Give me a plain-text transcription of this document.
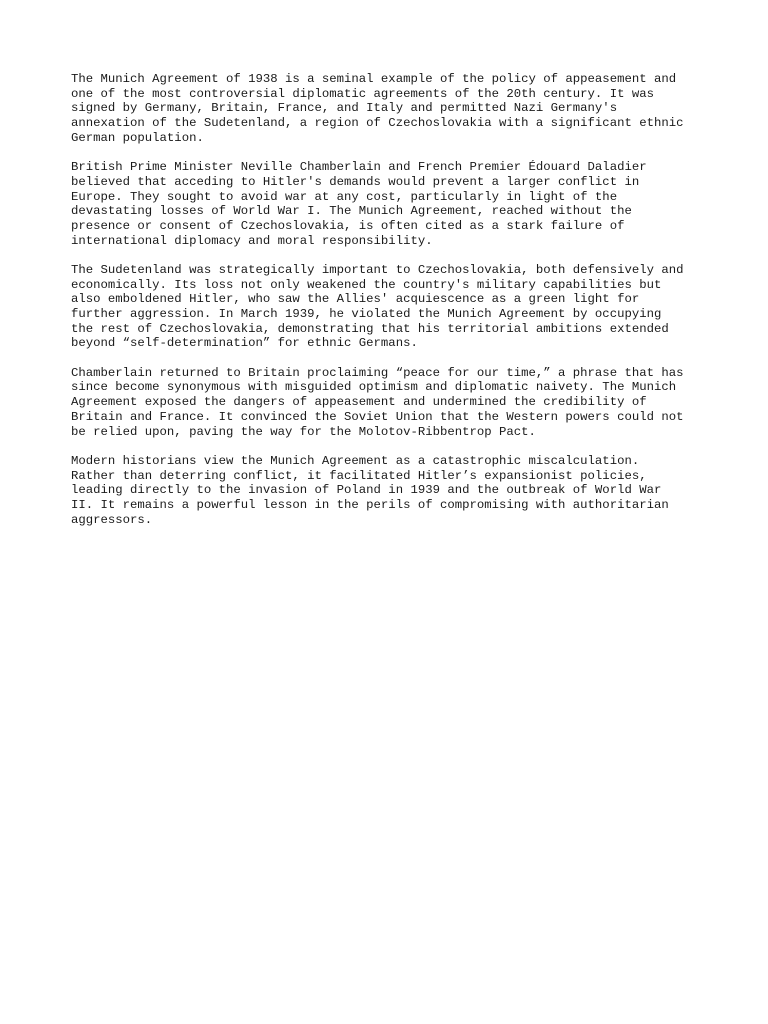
The Munich Agreement of 1938 is a seminal example of the policy of appeasement and
one of the most controversial diplomatic agreements of the 20th century. It was
signed by Germany, Britain, France, and Italy and permitted Nazi Germany's
annexation of the Sudetenland, a region of Czechoslovakia with a significant ethnic
German population.

British Prime Minister Neville Chamberlain and French Premier Édouard Daladier
believed that acceding to Hitler's demands would prevent a larger conflict in
Europe. They sought to avoid war at any cost, particularly in light of the
devastating losses of World War I. The Munich Agreement, reached without the
presence or consent of Czechoslovakia, is often cited as a stark failure of
international diplomacy and moral responsibility.

The Sudetenland was strategically important to Czechoslovakia, both defensively and
economically. Its loss not only weakened the country's military capabilities but
also emboldened Hitler, who saw the Allies' acquiescence as a green light for
further aggression. In March 1939, he violated the Munich Agreement by occupying
the rest of Czechoslovakia, demonstrating that his territorial ambitions extended
beyond “self-determination” for ethnic Germans.

Chamberlain returned to Britain proclaiming “peace for our time,” a phrase that has
since become synonymous with misguided optimism and diplomatic naivety. The Munich
Agreement exposed the dangers of appeasement and undermined the credibility of
Britain and France. It convinced the Soviet Union that the Western powers could not
be relied upon, paving the way for the Molotov-Ribbentrop Pact.

Modern historians view the Munich Agreement as a catastrophic miscalculation.
Rather than deterring conflict, it facilitated Hitler’s expansionist policies,
leading directly to the invasion of Poland in 1939 and the outbreak of World War
II. It remains a powerful lesson in the perils of compromising with authoritarian
aggressors.
